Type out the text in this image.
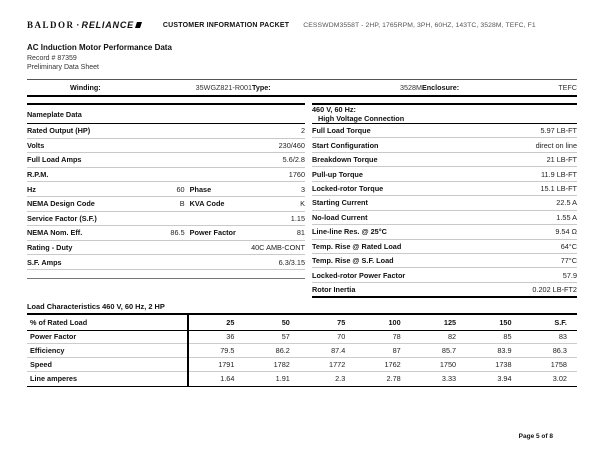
BALDOR · RELIANCE	CUSTOMER INFORMATION PACKET CESSWDM3558T - 2HP, 1765RPM, 3PH, 60HZ, 143TC, 3528M, TEFC, F1
AC Induction Motor Performance Data
Record # 87359
Preliminary Data Sheet
Winding:	35WGZ821-R001 Type:	3528M Enclosure:	TEFC
Nameplate Data
Rated Output (HP)	2
Volts	230/460
Full Load Amps	5.6/2.8
R.P.M.	1760
Hz	60 Phase	3
NEMA Design Code	B KVA Code	K
Service Factor (S.F.)	1.15
NEMA Nom. Eff.	86.5 Power Factor	81
Rating - Duty	40C AMB-CONT
S.F. Amps	6.3/3.15
460 V, 60 Hz:
High Voltage Connection
Full Load Torque	5.97 LB-FT
Start Configuration	direct on line
Breakdown Torque	21 LB-FT
Pull-up Torque	11.9 LB-FT
Locked-rotor Torque	15.1 LB-FT
Starting Current	22.5 A
No-load Current	1.55 A
Line-line Res. @ 25°C	9.54 Ω
Temp. Rise @ Rated Load	64°C
Temp. Rise @ S.F. Load	77°C
Locked-rotor Power Factor	57.9
Rotor Inertia	0.202 LB-FT2
Load Characteristics 460 V, 60 Hz, 2 HP
% of Rated Load	25	50	75	100	125	150	S.F.
Power Factor	36	57	70	78	82	85	83
Efficiency	79.5	86.2	87.4	87	85.7	83.9	86.3
Speed	1791	1782	1772	1762	1750	1738	1758
Line amperes	1.64	1.91	2.3	2.78	3.33	3.94	3.02
Page 5 of 8
